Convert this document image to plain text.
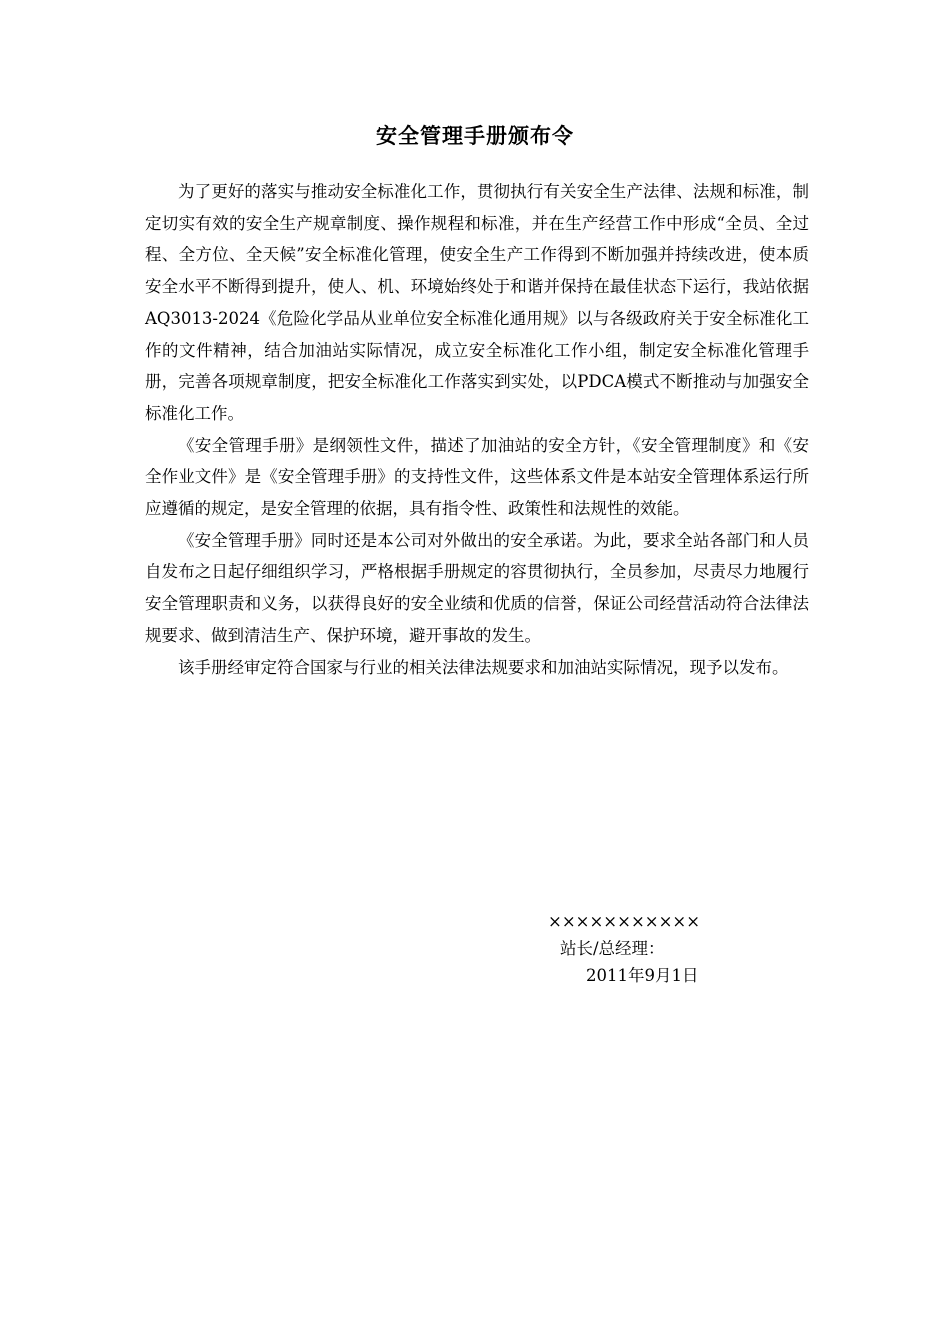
安全管理手册颁布令

为了更好的落实与推动安全标准化工作，贯彻执行有关安全生产法律、法规和标准，制定切实有效的安全生产规章制度、操作规程和标准，并在生产经营工作中形成“全员、全过程、全方位、全天候”安全标准化管理，使安全生产工作得到不断加强并持续改进，使本质安全水平不断得到提升，使人、机、环境始终处于和谐并保持在最佳状态下运行，我站依据AQ3013-2024《危险化学品从业单位安全标准化通用规》以与各级政府关于安全标准化工作的文件精神，结合加油站实际情况，成立安全标准化工作小组，制定安全标准化管理手册，完善各项规章制度，把安全标准化工作落实到实处，以PDCA模式不断推动与加强安全标准化工作。

《安全管理手册》是纲领性文件，描述了加油站的安全方针，《安全管理制度》和《安全作业文件》是《安全管理手册》的支持性文件，这些体系文件是本站安全管理体系运行所应遵循的规定，是安全管理的依据，具有指令性、政策性和法规性的效能。

《安全管理手册》同时还是本公司对外做出的安全承诺。为此，要求全站各部门和人员自发布之日起仔细组织学习，严格根据手册规定的容贯彻执行，全员参加，尽责尽力地履行安全管理职责和义务，以获得良好的安全业绩和优质的信誉，保证公司经营活动符合法律法规要求、做到清洁生产、保护环境，避开事故的发生。

该手册经审定符合国家与行业的相关法律法规要求和加油站实际情况，现予以发布。

×××××××××××
站长/总经理：
2011年9月1日
